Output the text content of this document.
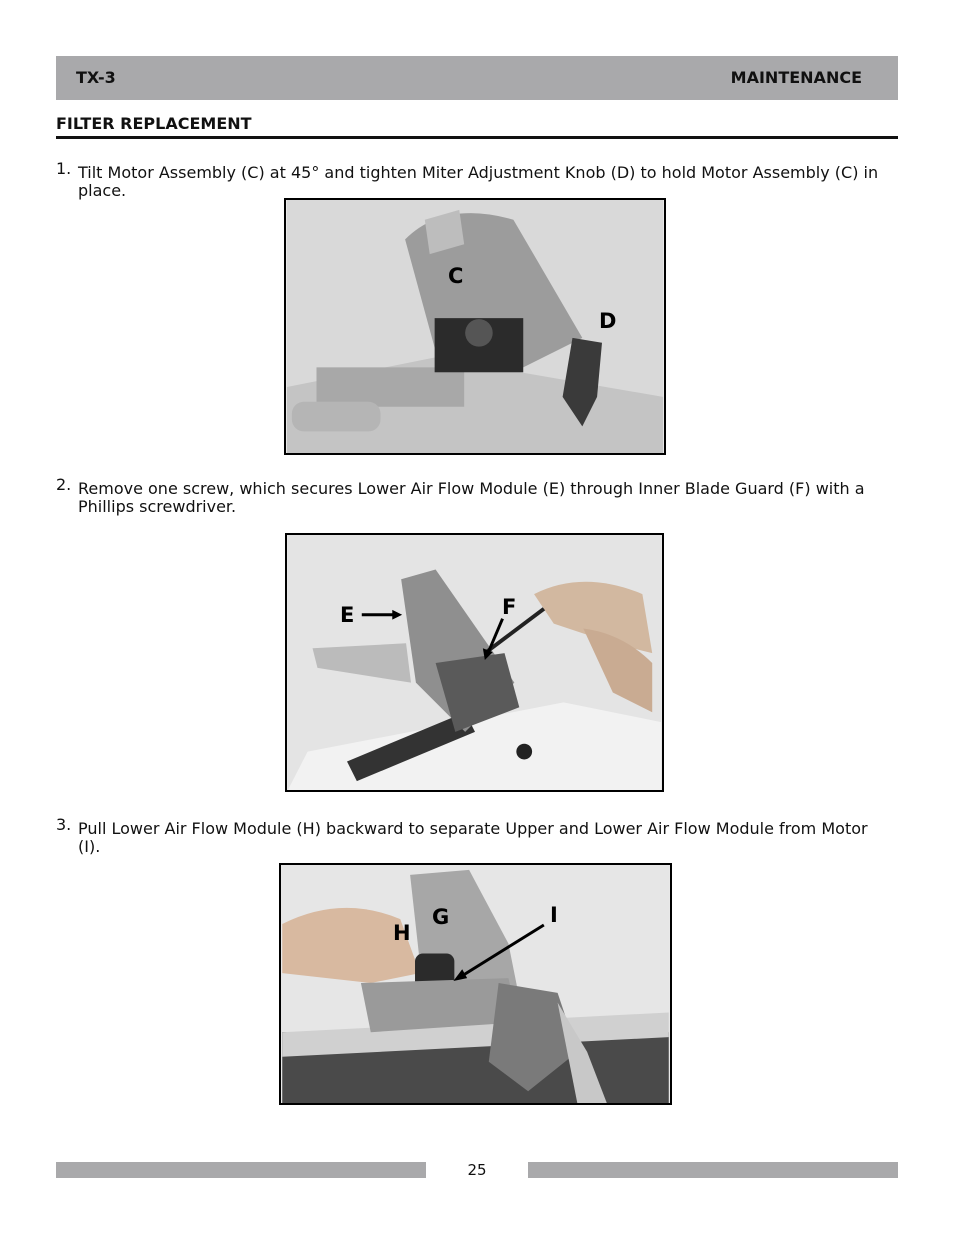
TX-3	MAINTENANCE
FILTER REPLACEMENT
1. Tilt Motor Assembly (C) at 45° and tighten Miter Adjustment Knob (D) to hold Motor Assembly (C) in place.
C
D
2. Remove one screw, which secures Lower Air Flow Module (E) through Inner Blade Guard (F) with a Phillips screwdriver.
E	F
3. Pull Lower Air Flow Module (H) backward to separate Upper and Lower Air Flow Module from Motor (I).
G
H
I
25
